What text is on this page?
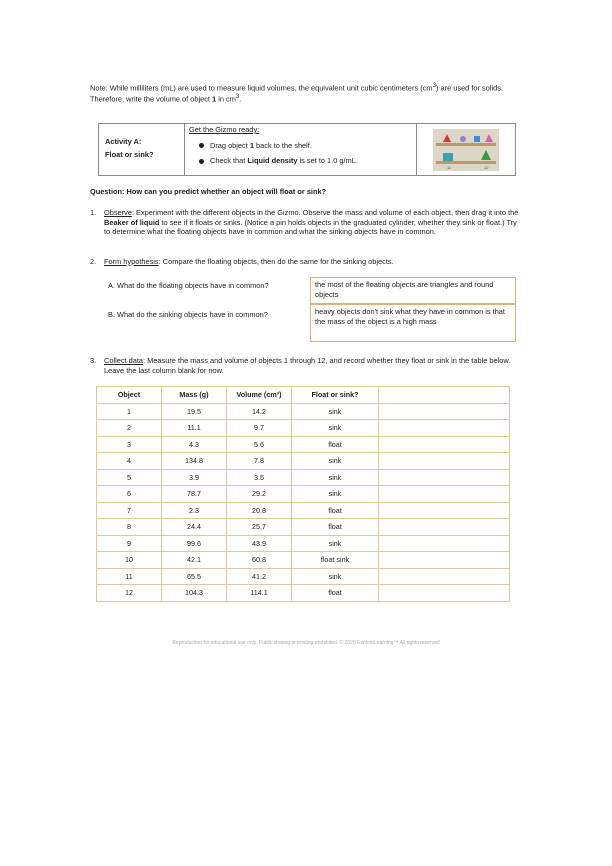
Note: While milliliters (mL) are used to measure liquid volumes, the equivalent unit cubic centimeters $(cm^3)$ are used for solids. Therefore, write the volume of object 1 in $cm^3$.
Activity A:
Float or sink?
Get the Gizmo ready:
Drag object 1 back to the shelf.
Check that Liquid density is set to 1.0 g/mL.
11	12
Question: How can you predict whether an object will float or sink?
1.	Observe: Experiment with the different objects in the Gizmo. Observe the mass and volume of each object, then drag it into the Beaker of liquid to see if it floats or sinks. (Notice a pin holds objects in the graduated cylinder, whether they sink or float.) Try to determine what the floating objects have in common and what the sinking objects have in common.
2.	Form hypothesis: Compare the floating objects, then do the same for the sinking objects.
A. What do the floating objects have in common?	the most of the floating objects are triangles and round objects
B. What do the sinking objects have in common?	heavy objects don't sink what they have in common is that the mass of the object is a high mass
3.	Collect data: Measure the mass and volume of objects 1 through 12, and record whether they float or sink in the table below. Leave the last column blank for now.
Object	Mass (g)	Volume (cm³)	Float or sink?	
1	19.5	14.2	sink	
2	11.1	9.7	sink	
3	4.3	5.6	float	
4	134.8	7.8	sink	
5	3.9	3.5	sink	
6	78.7	29.2	sink	
7	2.3	20.8	float	
8	24.4	25.7	float	
9	99.6	43.9	sink	
10	42.1	60.8	float sink	
11	65.5	41.2	sink	
12	104.3	114.1	float	
Reproduction for educational use only. Public sharing or posting prohibited. © 2020 ExploreLearning™ All rights reserved
